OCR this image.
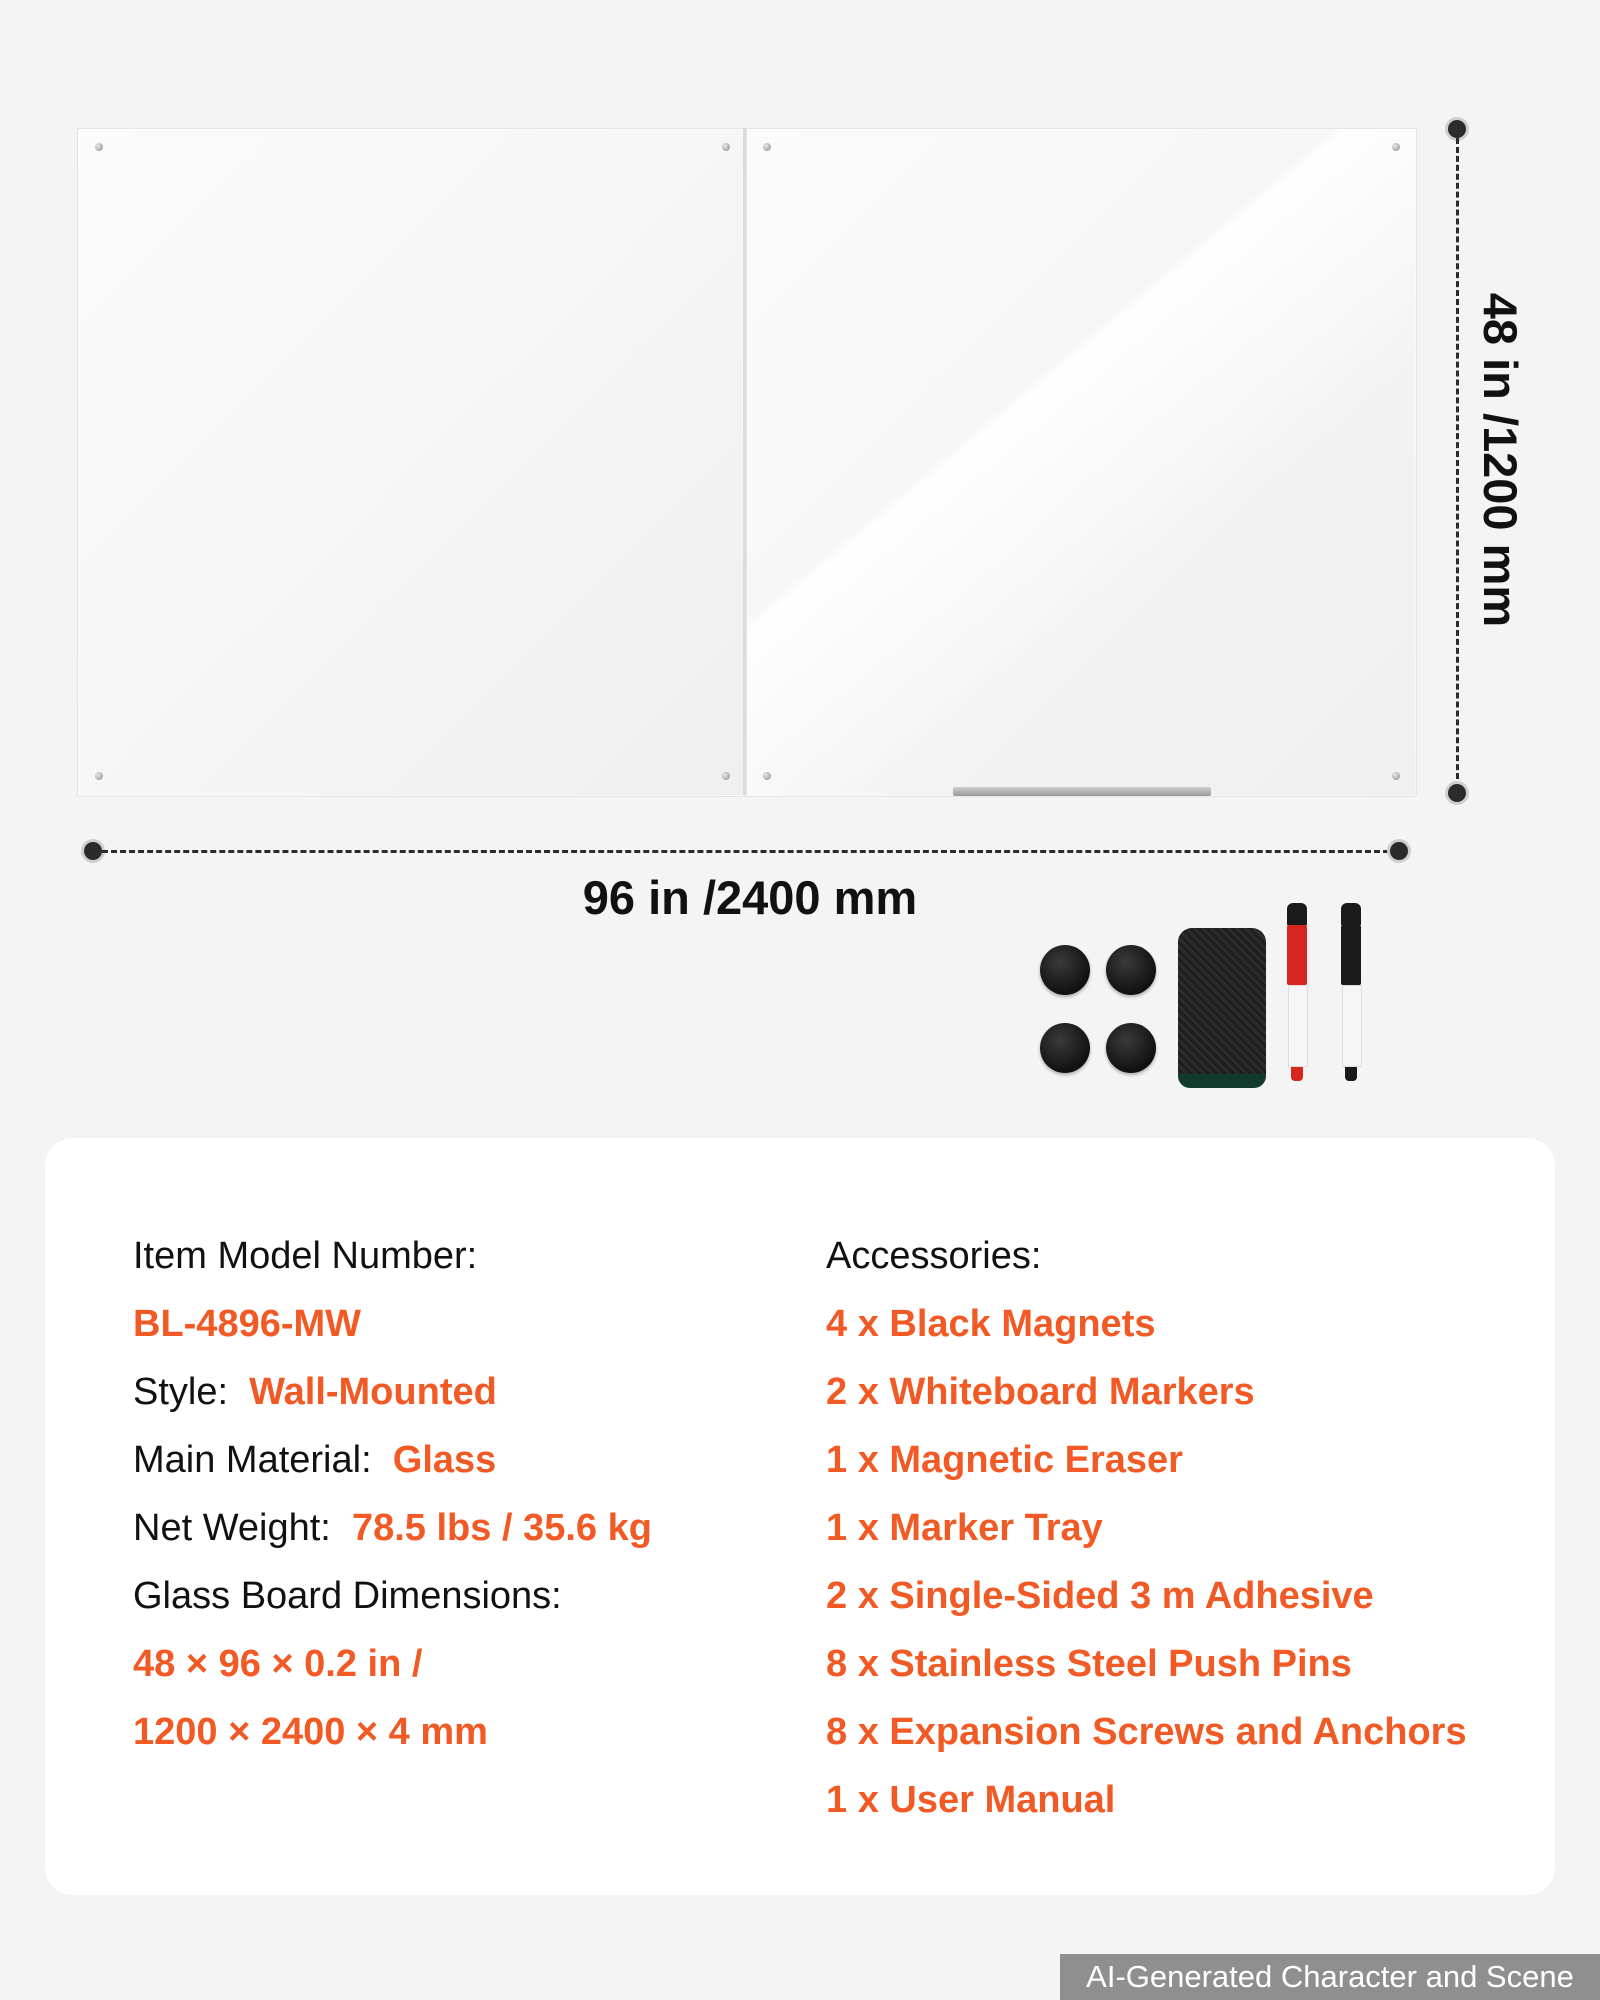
48 in /1200 mm
96 in /2400 mm
Item Model Number:
BL-4896-MW
Style: Wall-Mounted
Main Material: Glass
Net Weight: 78.5 lbs / 35.6 kg
Glass Board Dimensions:
48 × 96 × 0.2 in /
1200 × 2400 × 4 mm
Accessories:
4 x Black Magnets
2 x Whiteboard Markers
1 x Magnetic Eraser
1 x Marker Tray
2 x Single-Sided 3 m Adhesive
8 x Stainless Steel Push Pins
8 x Expansion Screws and Anchors
1 x User Manual
AI-Generated Character and Scene
